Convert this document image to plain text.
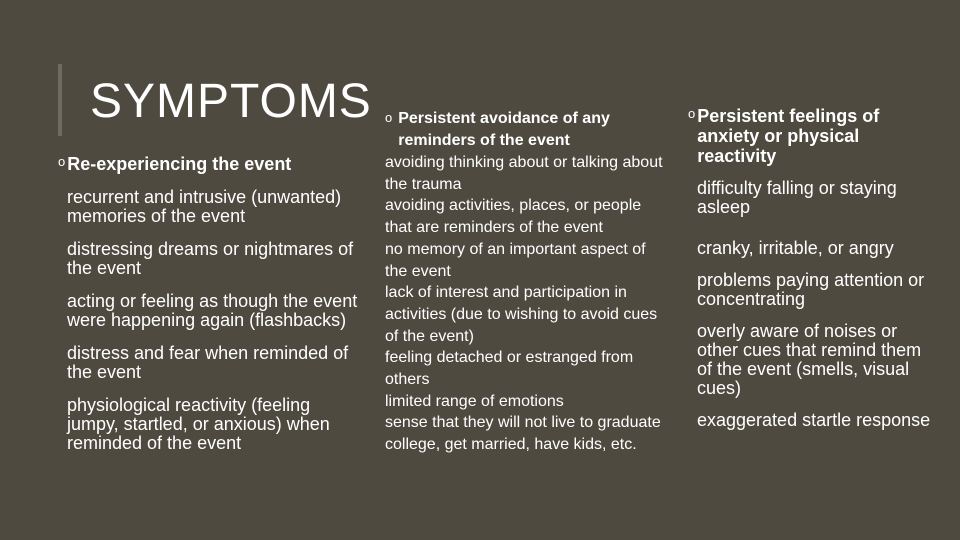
SYMPTOMS
o Re-experiencing the event
recurrent and intrusive (unwanted) memories of the event
distressing dreams or nightmares of the event
acting or feeling as though the event were happening again (flashbacks)
distress and fear when reminded of the event
physiological reactivity (feeling jumpy, startled, or anxious) when reminded of the event
o Persistent avoidance of any reminders of the event
avoiding thinking about or talking about the trauma
avoiding activities, places, or people that are reminders of the event
no memory of an important aspect of the event
lack of interest and participation in activities (due to wishing to avoid cues of the event)
feeling detached or estranged from others
limited range of emotions
sense that they will not live to graduate college, get married, have kids, etc.
o Persistent feelings of anxiety or physical reactivity
difficulty falling or staying asleep
cranky, irritable, or angry
problems paying attention or concentrating
overly aware of noises or other cues that remind them of the event (smells, visual cues)
exaggerated startle response
